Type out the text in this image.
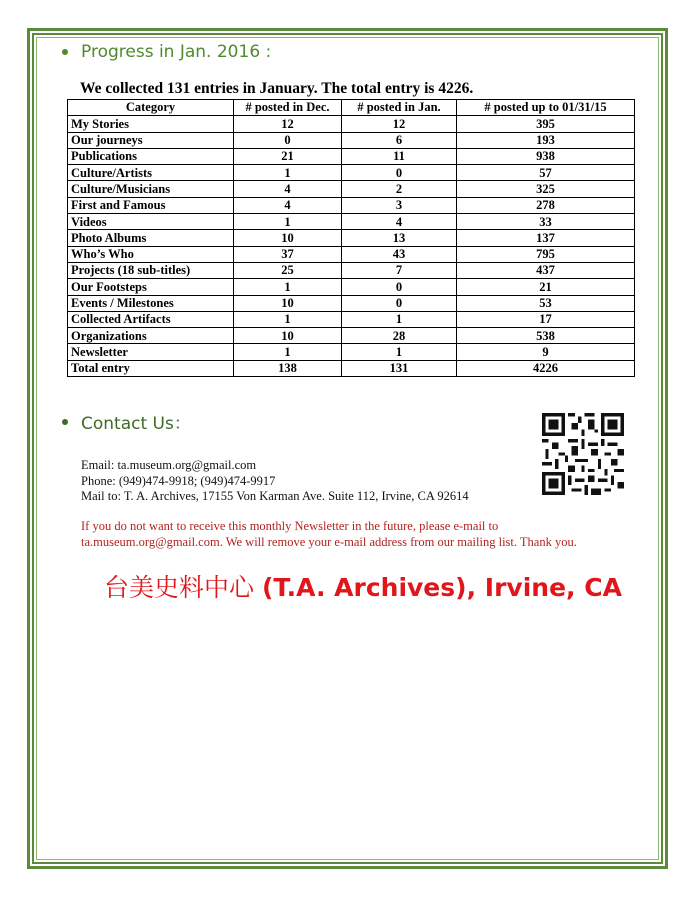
Progress in Jan. 2016 :
We collected 131 entries in January. The total entry is 4226.
Category	# posted in Dec.	# posted in Jan.	# posted up to 01/31/15
My Stories	12	12	395
Our journeys	0	6	193
Publications	21	11	938
Culture/Artists	1	0	57
Culture/Musicians	4	2	325
First and Famous	4	3	278
Videos	1	4	33
Photo Albums	10	13	137
Who’s Who	37	43	795
Projects (18 sub-titles)	25	7	437
Our Footsteps	1	0	21
Events / Milestones	10	0	53
Collected Artifacts	1	1	17
Organizations	10	28	538
Newsletter	1	1	9
Total entry	138	131	4226
Contact Us：
Email: ta.museum.org@gmail.com
Phone: (949)474-9918; (949)474-9917
Mail to: T. A. Archives, 17155 Von Karman Ave. Suite 112, Irvine, CA 92614
If you do not want to receive this monthly Newsletter in the future, please e-mail to
ta.museum.org@gmail.com. We will remove your e-mail address from our mailing list. Thank you.
台美史料中心 (T.A. Archives), Irvine, CA
